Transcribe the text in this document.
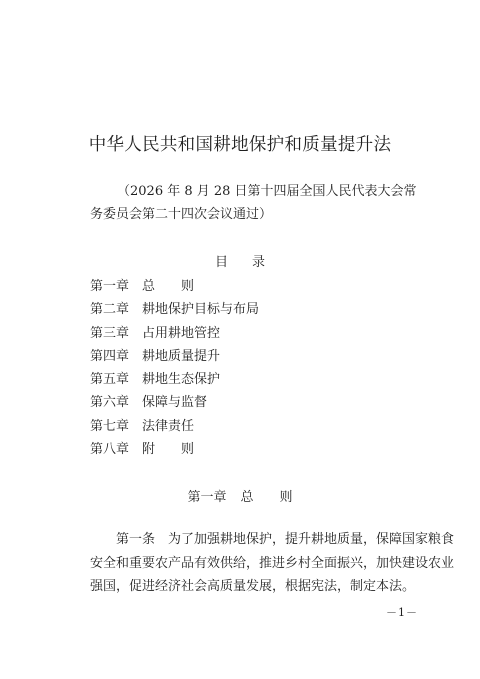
中华人民共和国耕地保护和质量提升法
（2026 年 8 月 28 日第十四届全国人民代表大会常
务委员会第二十四次会议通过）
目 录
第一章 总　　则
第二章 耕地保护目标与布局
第三章 占用耕地管控
第四章 耕地质量提升
第五章 耕地生态保护
第六章 保障与监督
第七章 法律责任
第八章 附　　则
第一章 总　　则
第一条 为了加强耕地保护，提升耕地质量，保障国家粮食
安全和重要农产品有效供给，推进乡村全面振兴，加快建设农业
强国，促进经济社会高质量发展，根据宪法，制定本法。
－1－
